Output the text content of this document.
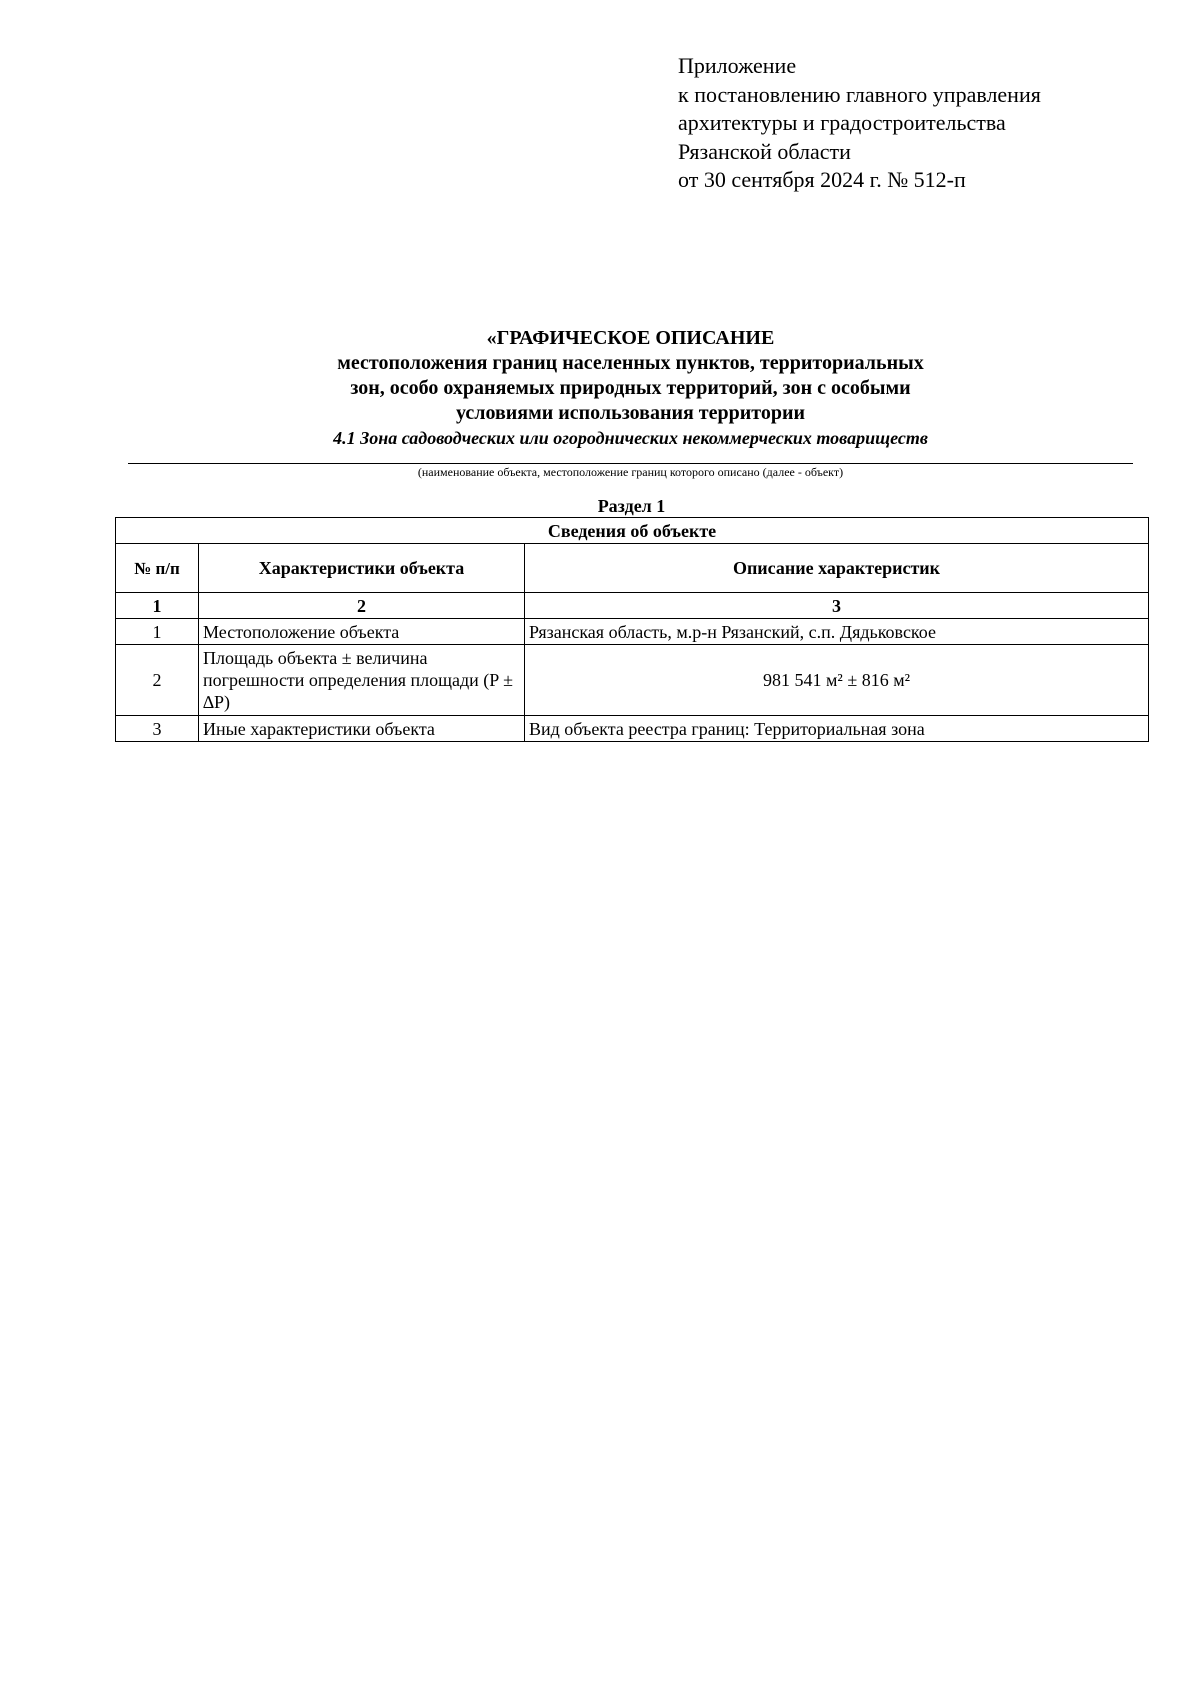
Приложение
к постановлению главного управления
архитектуры и градостроительства
Рязанской области
от 30 сентября 2024 г. № 512-п
«ГРАФИЧЕСКОЕ ОПИСАНИЕ
местоположения границ населенных пунктов, территориальных
зон, особо охраняемых природных территорий, зон с особыми
условиями использования территории
4.1 Зона садоводческих или огороднических некоммерческих товариществ
(наименование объекта, местоположение границ которого описано (далее - объект)
Раздел 1
Сведения об объекте		
№ п/п	Характеристики объекта	Описание характеристик
1	2	3
1	Местоположение объекта	Рязанская область, м.р-н Рязанский, с.п. Дядьковское
2	Площадь объекта ± величина погрешности определения площади (P ± ∆P)	981 541 м² ± 816 м²
3	Иные характеристики объекта	Вид объекта реестра границ: Территориальная зона
